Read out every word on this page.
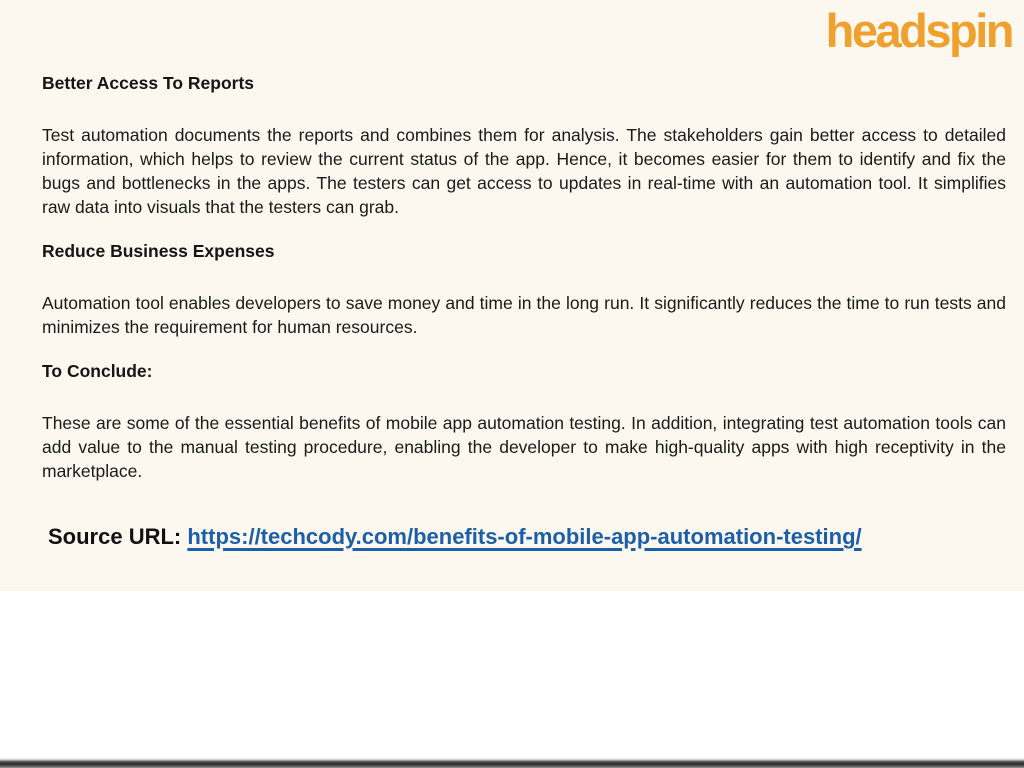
headspin
Better Access To Reports
Test automation documents the reports and combines them for analysis. The stakeholders gain better access to detailed information, which helps to review the current status of the app. Hence, it becomes easier for them to identify and fix the bugs and bottlenecks in the apps. The testers can get access to updates in real-time with an automation tool. It simplifies raw data into visuals that the testers can grab.
Reduce Business Expenses
Automation tool enables developers to save money and time in the long run. It significantly reduces the time to run tests and minimizes the requirement for human resources.
To Conclude:
These are some of the essential benefits of mobile app automation testing. In addition, integrating test automation tools can add value to the manual testing procedure, enabling the developer to make high-quality apps with high receptivity in the marketplace.
Source URL: https://techcody.com/benefits-of-mobile-app-automation-testing/
